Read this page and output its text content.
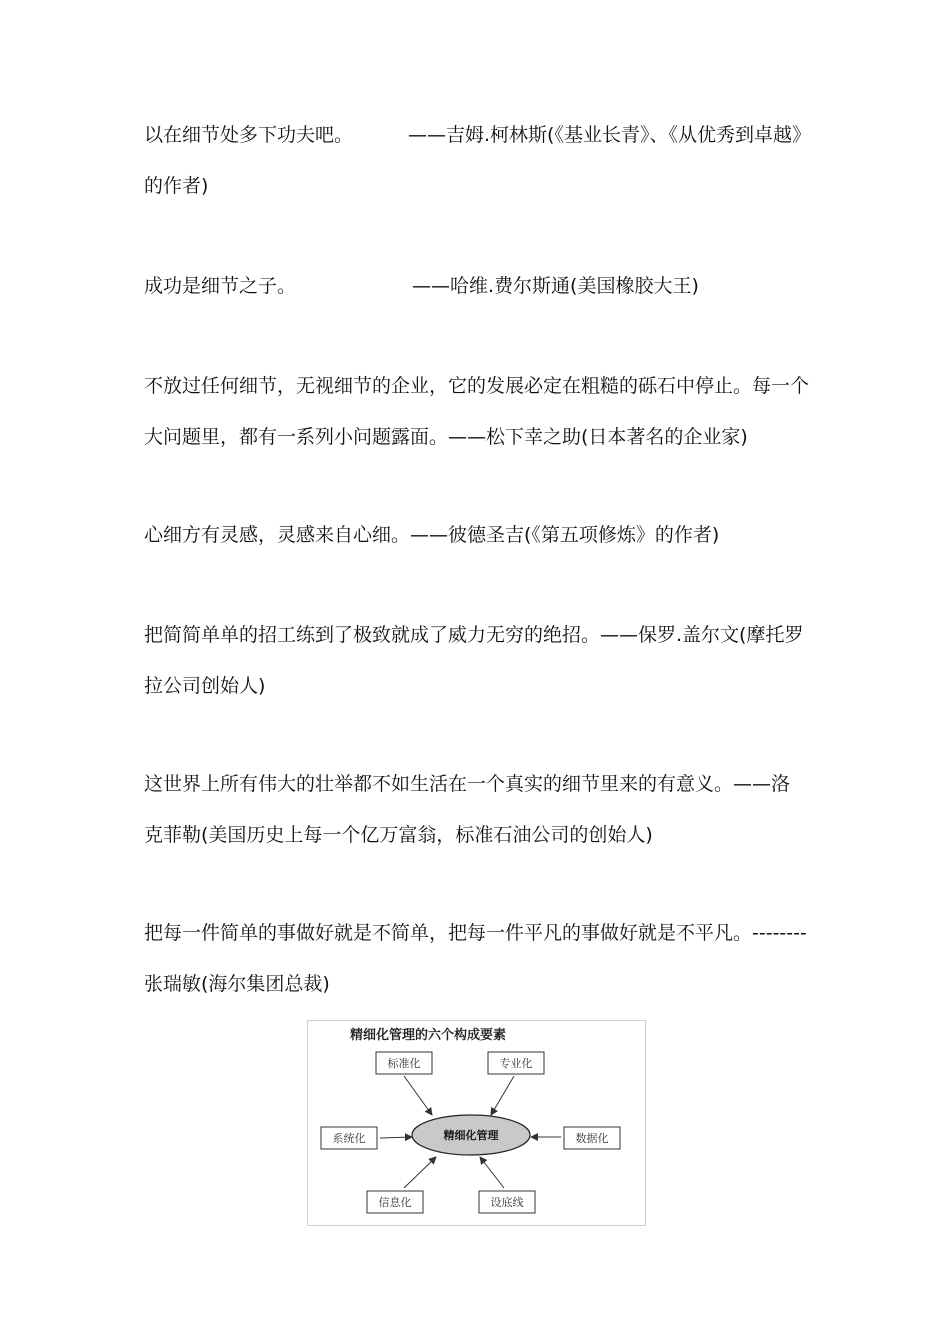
以在细节处多下功夫吧。	——吉姆.柯林斯(《基业长青》、《从优秀到卓越》
的作者)
成功是细节之子。	——哈维.费尔斯通(美国橡胶大王)
不放过任何细节，无视细节的企业，它的发展必定在粗糙的砾石中停止。每一个
大问题里，都有一系列小问题露面。——松下幸之助(日本著名的企业家)
心细方有灵感，灵感来自心细。——彼德圣吉(《第五项修炼》的作者)
把简简单单的招工练到了极致就成了威力无穷的绝招。——保罗.盖尔文(摩托罗
拉公司创始人)
这世界上所有伟大的壮举都不如生活在一个真实的细节里来的有意义。——洛
克菲勒(美国历史上每一个亿万富翁，标准石油公司的创始人)
把每一件简单的事做好就是不简单，把每一件平凡的事做好就是不平凡。--------
张瑞敏(海尔集团总裁)
精细化管理的六个构成要素
精细化管理
标准化	专业化
系统化	数据化
信息化	设底线
